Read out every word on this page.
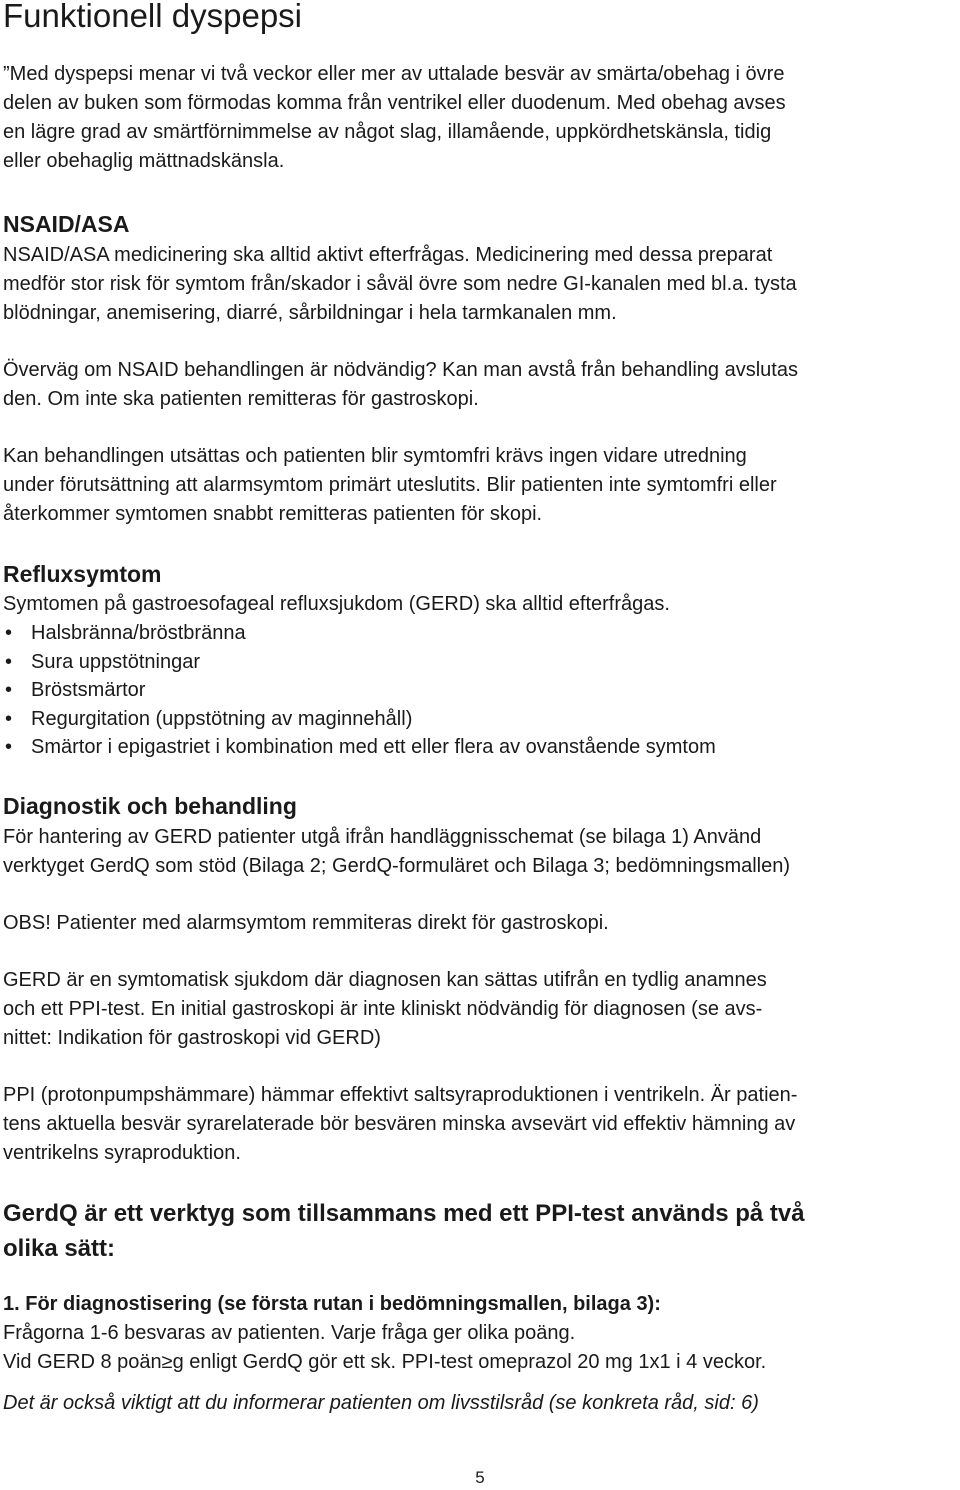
Funktionell dyspepsi

”Med dyspepsi menar vi två veckor eller mer av uttalade besvär av smärta/obehag i övre
delen av buken som förmodas komma från ventrikel eller duodenum. Med obehag avses
en lägre grad av smärtförnimmelse av något slag, illamående, uppkördhetskänsla, tidig
eller obehaglig mättnadskänsla.

NSAID/ASA

NSAID/ASA medicinering ska alltid aktivt efterfrågas. Medicinering med dessa preparat
medför stor risk för symtom från/skador i såväl övre som nedre GI-kanalen med bl.a. tysta
blödningar, anemisering, diarré, sårbildningar i hela tarmkanalen mm.

Överväg om NSAID behandlingen är nödvändig? Kan man avstå från behandling avslutas
den. Om inte ska patienten remitteras för gastroskopi.

Kan behandlingen utsättas och patienten blir symtomfri krävs ingen vidare utredning
under förutsättning att alarmsymtom primärt uteslutits. Blir patienten inte symtomfri eller
återkommer symtomen snabbt remitteras patienten för skopi.

Refluxsymtom

Symtomen på gastroesofageal refluxsjukdom (GERD) ska alltid efterfrågas.

• Halsbränna/bröstbränna
• Sura uppstötningar
• Bröstsmärtor
• Regurgitation (uppstötning av maginnehåll)
• Smärtor i epigastriet i kombination med ett eller flera av ovanstående symtom
Diagnostik och behandling

För hantering av GERD patienter utgå ifrån handläggnisschemat (se bilaga 1) Använd
verktyget GerdQ som stöd (Bilaga 2; GerdQ-formuläret och Bilaga 3; bedömningsmallen)

OBS! Patienter med alarmsymtom remmiteras direkt för gastroskopi.

GERD är en symtomatisk sjukdom där diagnosen kan sättas utifrån en tydlig anamnes
och ett PPI-test. En initial gastroskopi är inte kliniskt nödvändig för diagnosen (se avs-
nittet: Indikation för gastroskopi vid GERD)

PPI (protonpumpshämmare) hämmar effektivt saltsyraproduktionen i ventrikeln. Är patien-
tens aktuella besvär syrarelaterade bör besvären minska avsevärt vid effektiv hämning av
ventrikelns syraproduktion.

GerdQ är ett verktyg som tillsammans med ett PPI-test används på två
olika sätt:

1. För diagnostisering (se första rutan i bedömningsmallen, bilaga 3):

Frågorna 1-6 besvaras av patienten. Varje fråga ger olika poäng.
Vid GERD 8 poän≥g enligt GerdQ gör ett sk. PPI-test omeprazol 20 mg 1x1 i 4 veckor.

Det är också viktigt att du informerar patienten om livsstilsråd (se konkreta råd, sid: 6)

5
